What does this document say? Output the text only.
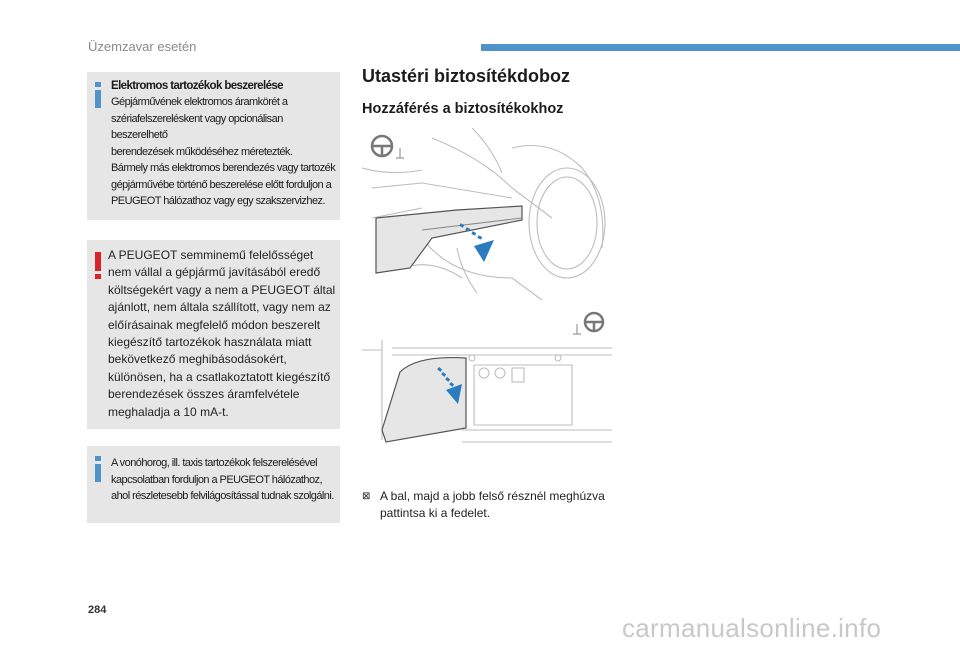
Üzemzavar esetén
Elektromos tartozékok beszerelése
Gépjárművének elektromos áramkörét a
szériafelszereléskent vagy opcionálisan beszerelhető
berendezések működéséhez méretezték.
Bármely más elektromos berendezés vagy tartozék
gépjárművébe történő beszerelése előtt forduljon a
PEUGEOT hálózathoz vagy egy szakszervizhez.
A PEUGEOT semminemű felelősséget
nem vállal a gépjármű javításából eredő
költségekért vagy a nem a PEUGEOT által
ajánlott, nem általa szállított, vagy nem az
előírásainak megfelelő módon beszerelt
kiegészítő tartozékok használata miatt
bekövetkező meghibásodásokért,
különösen, ha a csatlakoztatott kiegészítő
berendezések összes áramfelvétele
meghaladja a 10 mA-t.
A vonóhorog, ill. taxis tartozékok felszerelésével
kapcsolatban forduljon a PEUGEOT hálózathoz,
ahol részletesebb felvilágosítással tudnak szolgálni.
Utastéri biztosítékdoboz
Hozzáférés a biztosítékokhoz
⊠ A bal, majd a jobb felső résznél meghúzva
pattintsa ki a fedelet.
284
carmanualsonline.info
